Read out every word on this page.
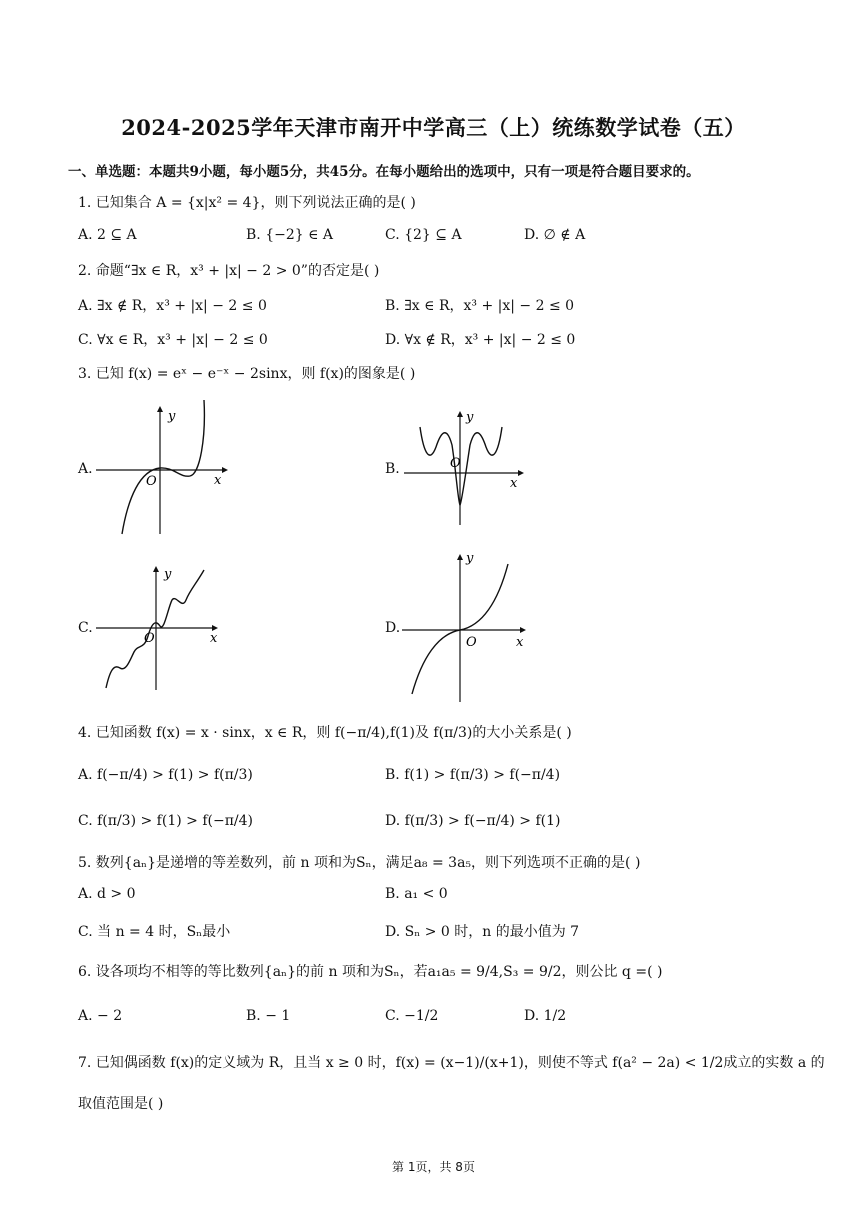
2024-2025学年天津市南开中学高三（上）统练数学试卷（五）
一、单选题：本题共9小题，每小题5分，共45分。在每小题给出的选项中，只有一项是符合题目要求的。
1. 已知集合 A = {x|x² = 4}，则下列说法正确的是( )
A. 2 ⊆ A	B. {−2} ∈ A	C. {2} ⊆ A	D. ∅ ∉ A
2. 命题“∃x ∈ R，x³ + |x| − 2 > 0”的否定是( )
A. ∃x ∉ R，x³ + |x| − 2 ≤ 0	B. ∃x ∈ R，x³ + |x| − 2 ≤ 0
C. ∀x ∈ R，x³ + |x| − 2 ≤ 0	D. ∀x ∉ R，x³ + |x| − 2 ≤ 0
3. 已知 f(x) = eˣ − e⁻ˣ − 2sinx，则 f(x)的图象是( )
A.
y
x
O
B.
y
x
O
C.
y
x
O
D.
y
x
O
4. 已知函数 f(x) = x · sinx，x ∈ R，则 f(−π/4),f(1)及 f(π/3)的大小关系是( )
A. f(−π/4) > f(1) > f(π/3)	B. f(1) > f(π/3) > f(−π/4)
C. f(π/3) > f(1) > f(−π/4)	D. f(π/3) > f(−π/4) > f(1)
5. 数列{aₙ}是递增的等差数列，前 n 项和为Sₙ，满足a₈ = 3a₅，则下列选项不正确的是( )
A. d > 0	B. a₁ < 0
C. 当 n = 4 时，Sₙ最小	D. Sₙ > 0 时，n 的最小值为 7
6. 设各项均不相等的等比数列{aₙ}的前 n 项和为Sₙ，若a₁a₅ = 9/4,S₃ = 9/2，则公比 q =( )
A. − 2	B. − 1	C. −1/2	D. 1/2
7. 已知偶函数 f(x)的定义域为 R，且当 x ≥ 0 时，f(x) = (x−1)/(x+1)，则使不等式 f(a² − 2a) < 1/2成立的实数 a 的
取值范围是( )
第 1页，共 8页
